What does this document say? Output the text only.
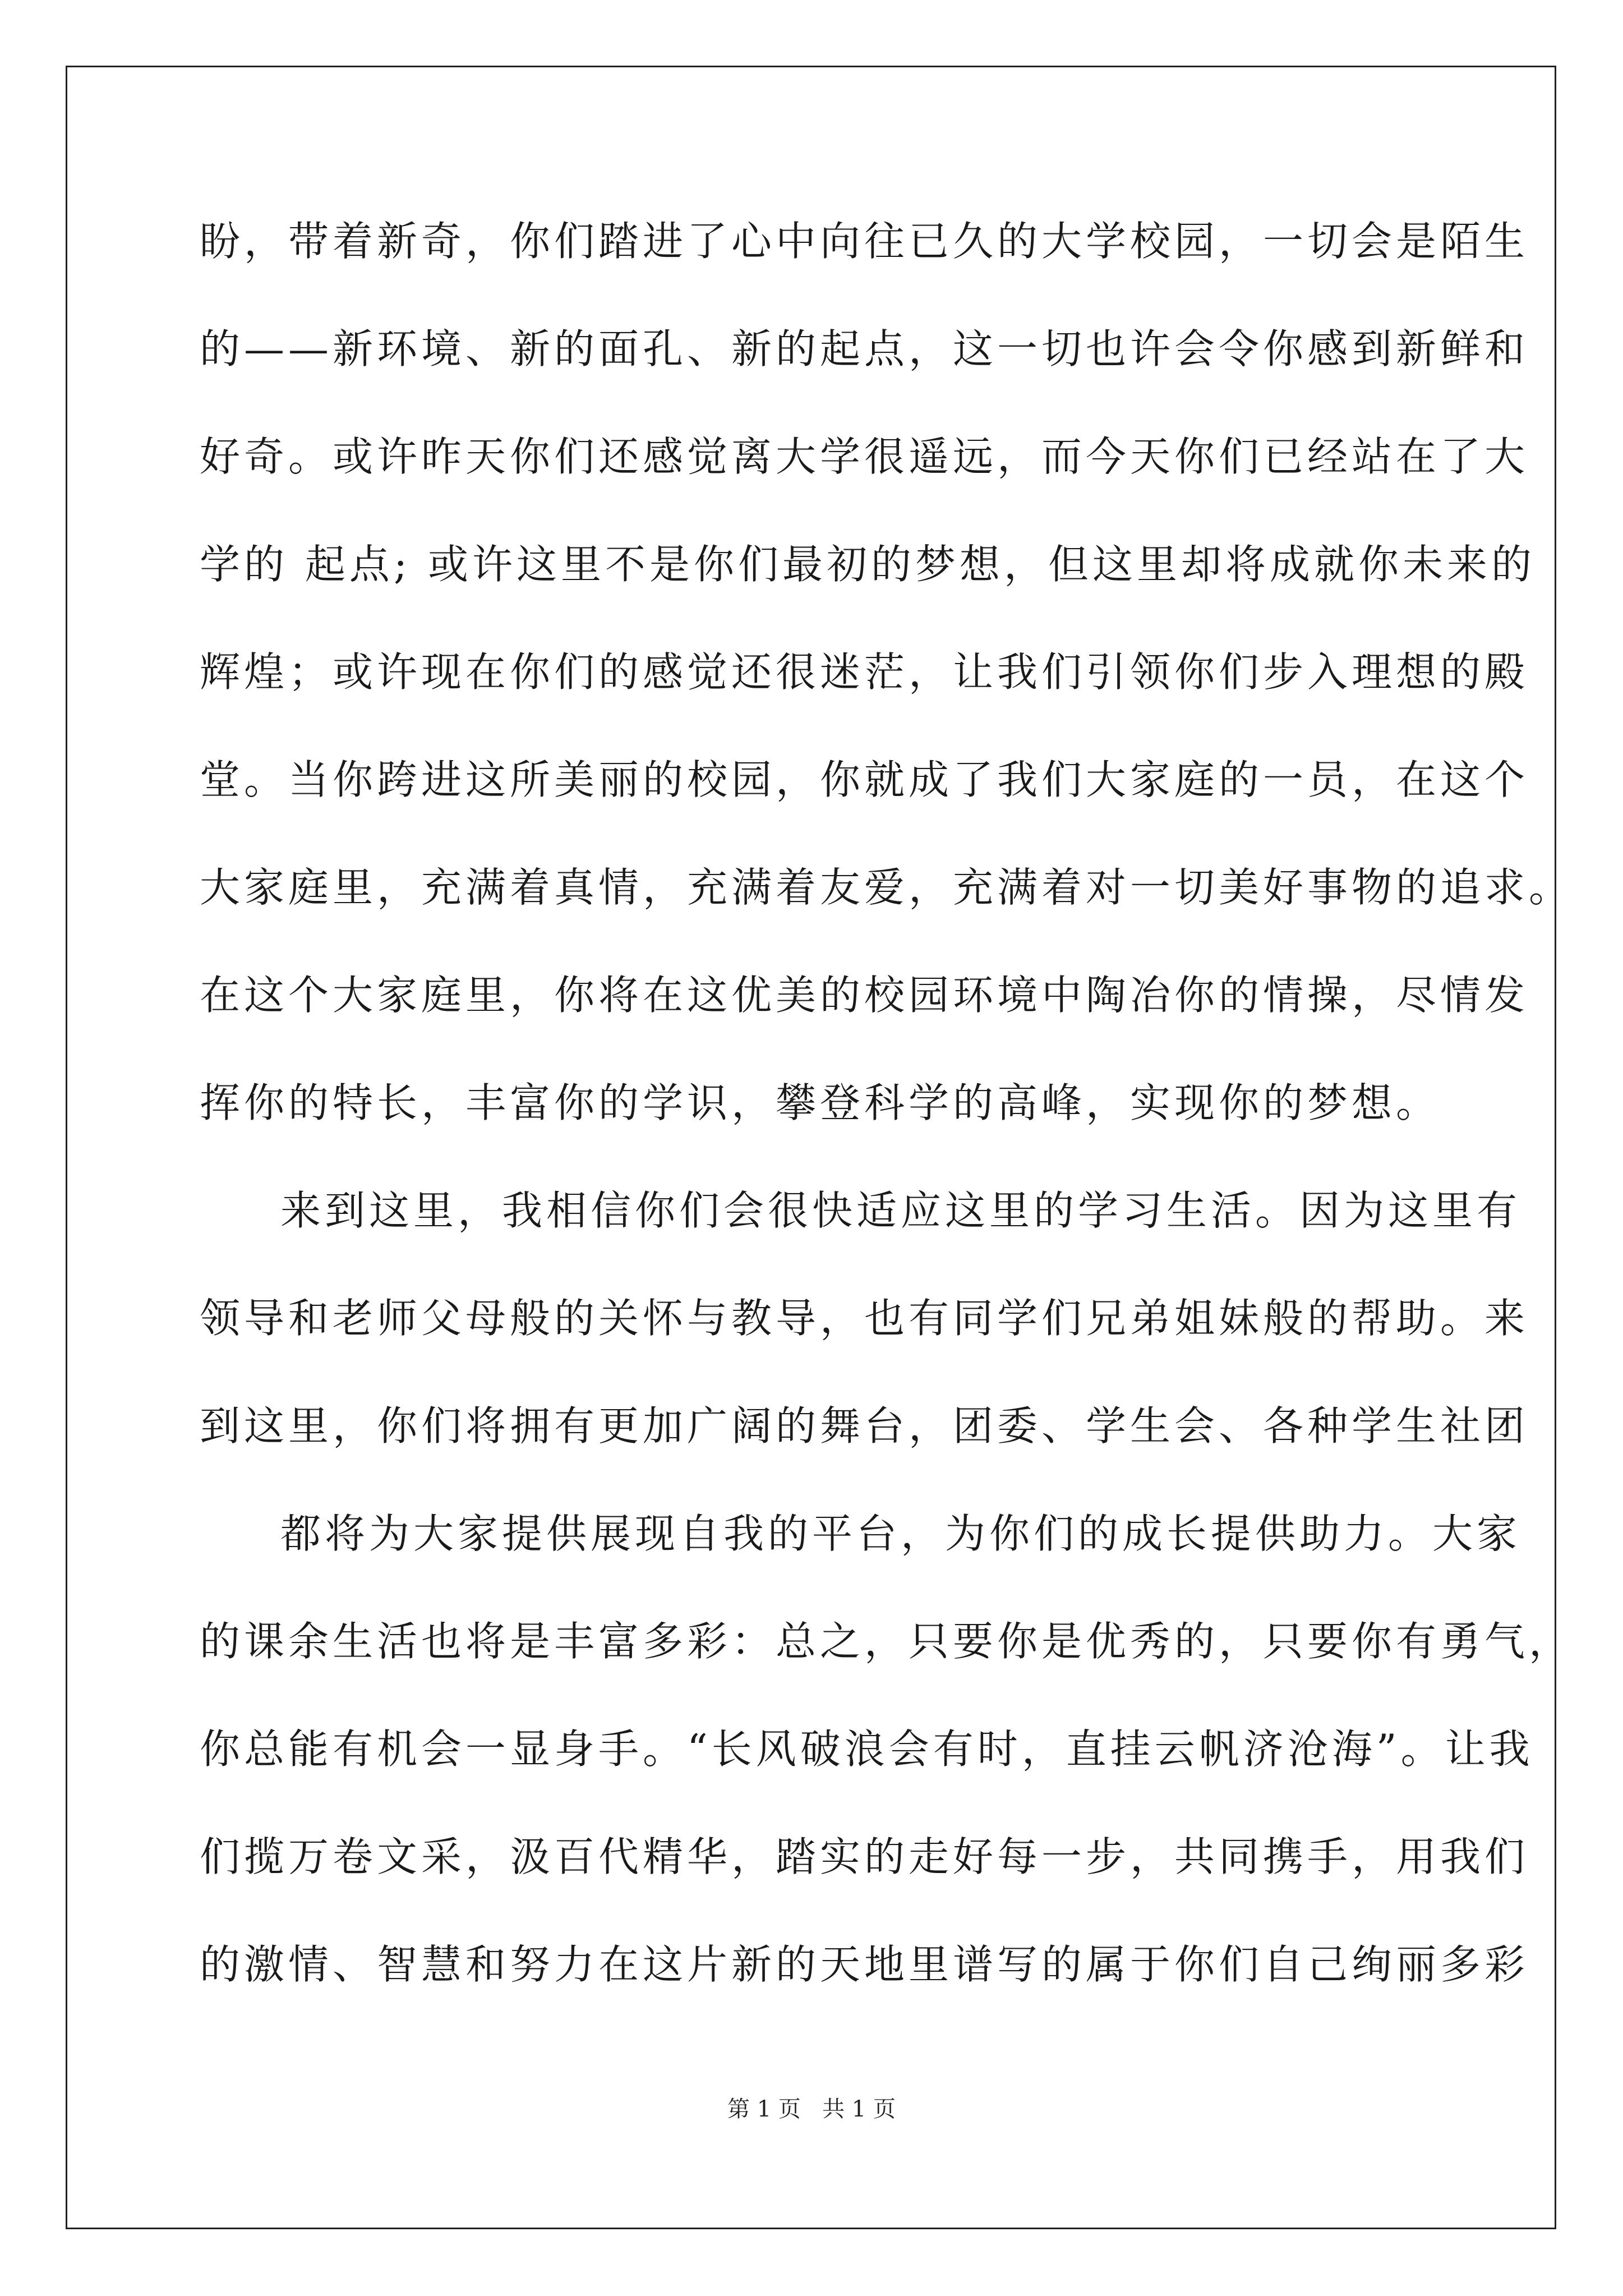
盼，带着新奇，你们踏进了心中向往已久的大学校园，一切会是陌生
的——新环境、新的面孔、新的起点，这一切也许会令你感到新鲜和
好奇。或许昨天你们还感觉离大学很遥远，而今天你们已经站在了大
学的 起点; 或许这里不是你们最初的梦想，但这里却将成就你未来的
辉煌；或许现在你们的感觉还很迷茫，让我们引领你们步入理想的殿
堂。当你跨进这所美丽的校园，你就成了我们大家庭的一员，在这个
大家庭里，充满着真情，充满着友爱，充满着对一切美好事物的追求。
在这个大家庭里，你将在这优美的校园环境中陶冶你的情操，尽情发
挥你的特长，丰富你的学识，攀登科学的高峰，实现你的梦想。
来到这里，我相信你们会很快适应这里的学习生活。因为这里有
领导和老师父母般的关怀与教导，也有同学们兄弟姐妹般的帮助。来
到这里，你们将拥有更加广阔的舞台，团委、学生会、各种学生社团
都将为大家提供展现自我的平台，为你们的成长提供助力。大家
的课余生活也将是丰富多彩：总之，只要你是优秀的，只要你有勇气，
你总能有机会一显身手。“长风破浪会有时，直挂云帆济沧海”。让我
们揽万卷文采，汲百代精华，踏实的走好每一步，共同携手，用我们
的激情、智慧和努力在这片新的天地里谱写的属于你们自己绚丽多彩
第 1 页 共 1 页
